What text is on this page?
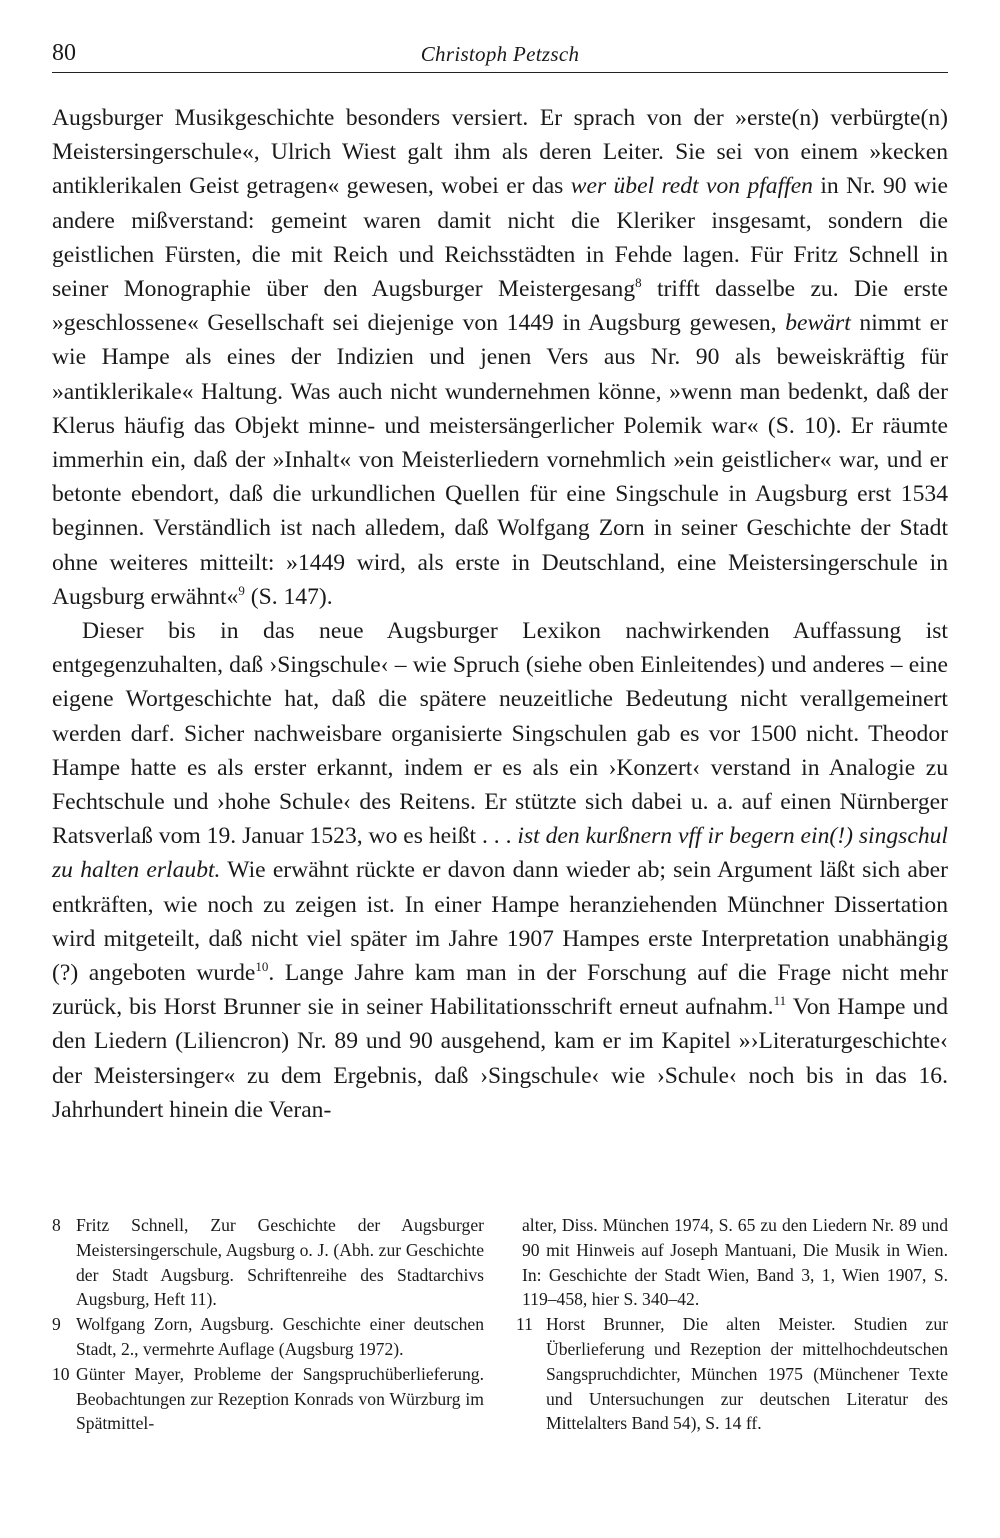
80	Christoph Petzsch

Augsburger Musikgeschichte besonders versiert. Er sprach von der »erste(n) verbürgte(n) Meistersingerschule«, Ulrich Wiest galt ihm als deren Leiter. Sie sei von einem »kecken antiklerikalen Geist getragen« gewesen, wobei er das wer übel redt von pfaffen in Nr. 90 wie andere mißverstand: gemeint waren damit nicht die Kleriker insgesamt, sondern die geistlichen Fürsten, die mit Reich und Reichsstädten in Fehde lagen. Für Fritz Schnell in seiner Monographie über den Augsburger Meistergesang$^8$ trifft dasselbe zu. Die erste »geschlossene« Gesellschaft sei diejenige von 1449 in Augsburg gewesen, bewärt nimmt er wie Hampe als eines der Indizien und jenen Vers aus Nr. 90 als beweiskräftig für »antiklerikale« Haltung. Was auch nicht wundernehmen könne, »wenn man bedenkt, daß der Klerus häufig das Objekt minne- und meistersängerlicher Polemik war« (S. 10). Er räumte immerhin ein, daß der »Inhalt« von Meisterliedern vornehmlich »ein geistlicher« war, und er betonte ebendort, daß die urkundlichen Quellen für eine Singschule in Augsburg erst 1534 beginnen. Verständlich ist nach alledem, daß Wolfgang Zorn in seiner Geschichte der Stadt ohne weiteres mitteilt: »1449 wird, als erste in Deutschland, eine Meistersingerschule in Augsburg erwähnt«$^9$ (S. 147).

Dieser bis in das neue Augsburger Lexikon nachwirkenden Auffassung ist entgegenzuhalten, daß ›Singschule‹ – wie Spruch (siehe oben Einleitendes) und anderes – eine eigene Wortgeschichte hat, daß die spätere neuzeitliche Bedeutung nicht verallgemeinert werden darf. Sicher nachweisbare organisierte Singschulen gab es vor 1500 nicht. Theodor Hampe hatte es als erster erkannt, indem er es als ein ›Konzert‹ verstand in Analogie zu Fechtschule und ›hohe Schule‹ des Reitens. Er stützte sich dabei u. a. auf einen Nürnberger Ratsverlaß vom 19. Januar 1523, wo es heißt . . . ist den kurßnern vff ir begern ein(!) singschul zu halten erlaubt. Wie erwähnt rückte er davon dann wieder ab; sein Argument läßt sich aber entkräften, wie noch zu zeigen ist. In einer Hampe heranziehenden Münchner Dissertation wird mitgeteilt, daß nicht viel später im Jahre 1907 Hampes erste Interpretation unabhängig (?) angeboten wurde$^{10}$. Lange Jahre kam man in der Forschung auf die Frage nicht mehr zurück, bis Horst Brunner sie in seiner Habilitationsschrift erneut aufnahm.$^{11}$ Von Hampe und den Liedern (Liliencron) Nr. 89 und 90 ausgehend, kam er im Kapitel »›Literaturgeschichte‹ der Meistersinger« zu dem Ergebnis, daß ›Singschule‹ wie ›Schule‹ noch bis in das 16. Jahrhundert hinein die Veran-

8 Fritz Schnell, Zur Geschichte der Augsburger Meistersingerschule, Augsburg o. J. (Abh. zur Geschichte der Stadt Augsburg. Schriftenreihe des Stadtarchivs Augsburg, Heft 11).

9 Wolfgang Zorn, Augsburg. Geschichte einer deutschen Stadt, 2., vermehrte Auflage (Augsburg 1972).

10 Günter Mayer, Probleme der Sangspruchüberlieferung. Beobachtungen zur Rezeption Konrads von Würzburg im Spätmittel-

alter, Diss. München 1974, S. 65 zu den Liedern Nr. 89 und 90 mit Hinweis auf Joseph Mantuani, Die Musik in Wien. In: Geschichte der Stadt Wien, Band 3, 1, Wien 1907, S. 119–458, hier S. 340–42.

11 Horst Brunner, Die alten Meister. Studien zur Überlieferung und Rezeption der mittelhochdeutschen Sangspruchdichter, München 1975 (Münchener Texte und Untersuchungen zur deutschen Literatur des Mittelalters Band 54), S. 14 ff.
